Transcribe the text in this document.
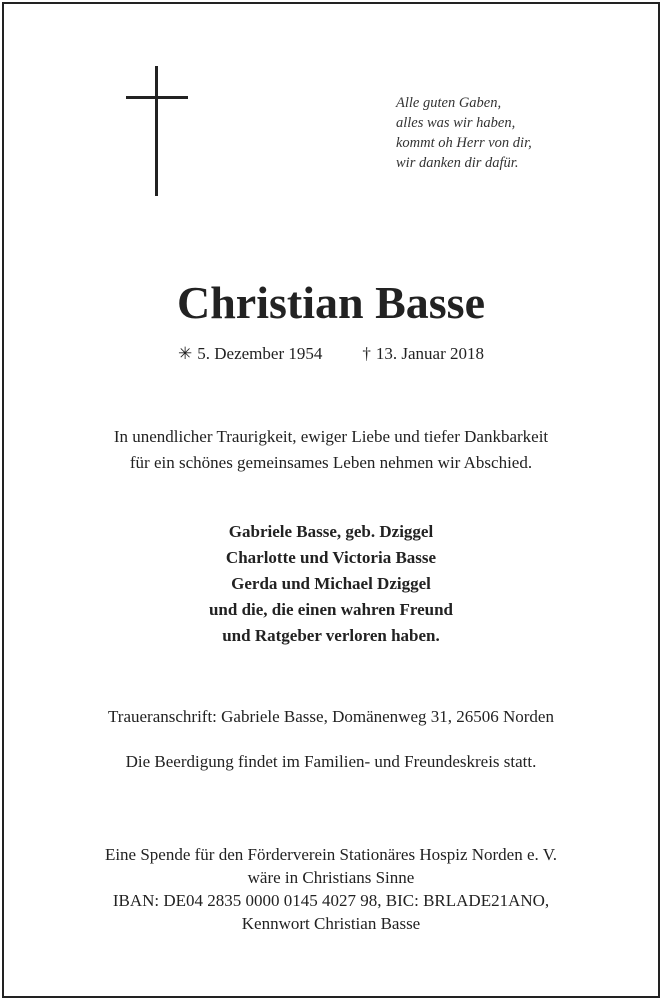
Alle guten Gaben,
alles was wir haben,
kommt oh Herr von dir,
wir danken dir dafür.
Christian Basse
✳ 5. Dezember 1954 † 13. Januar 2018
In unendlicher Traurigkeit, ewiger Liebe und tiefer Dankbarkeit
für ein schönes gemeinsames Leben nehmen wir Abschied.
Gabriele Basse, geb. Dziggel
Charlotte und Victoria Basse
Gerda und Michael Dziggel
und die, die einen wahren Freund
und Ratgeber verloren haben.
Traueranschrift: Gabriele Basse, Domänenweg 31, 26506 Norden
Die Beerdigung findet im Familien- und Freundeskreis statt.
Eine Spende für den Förderverein Stationäres Hospiz Norden e. V.
wäre in Christians Sinne
IBAN: DE04 2835 0000 0145 4027 98, BIC: BRLADE21ANO,
Kennwort Christian Basse
